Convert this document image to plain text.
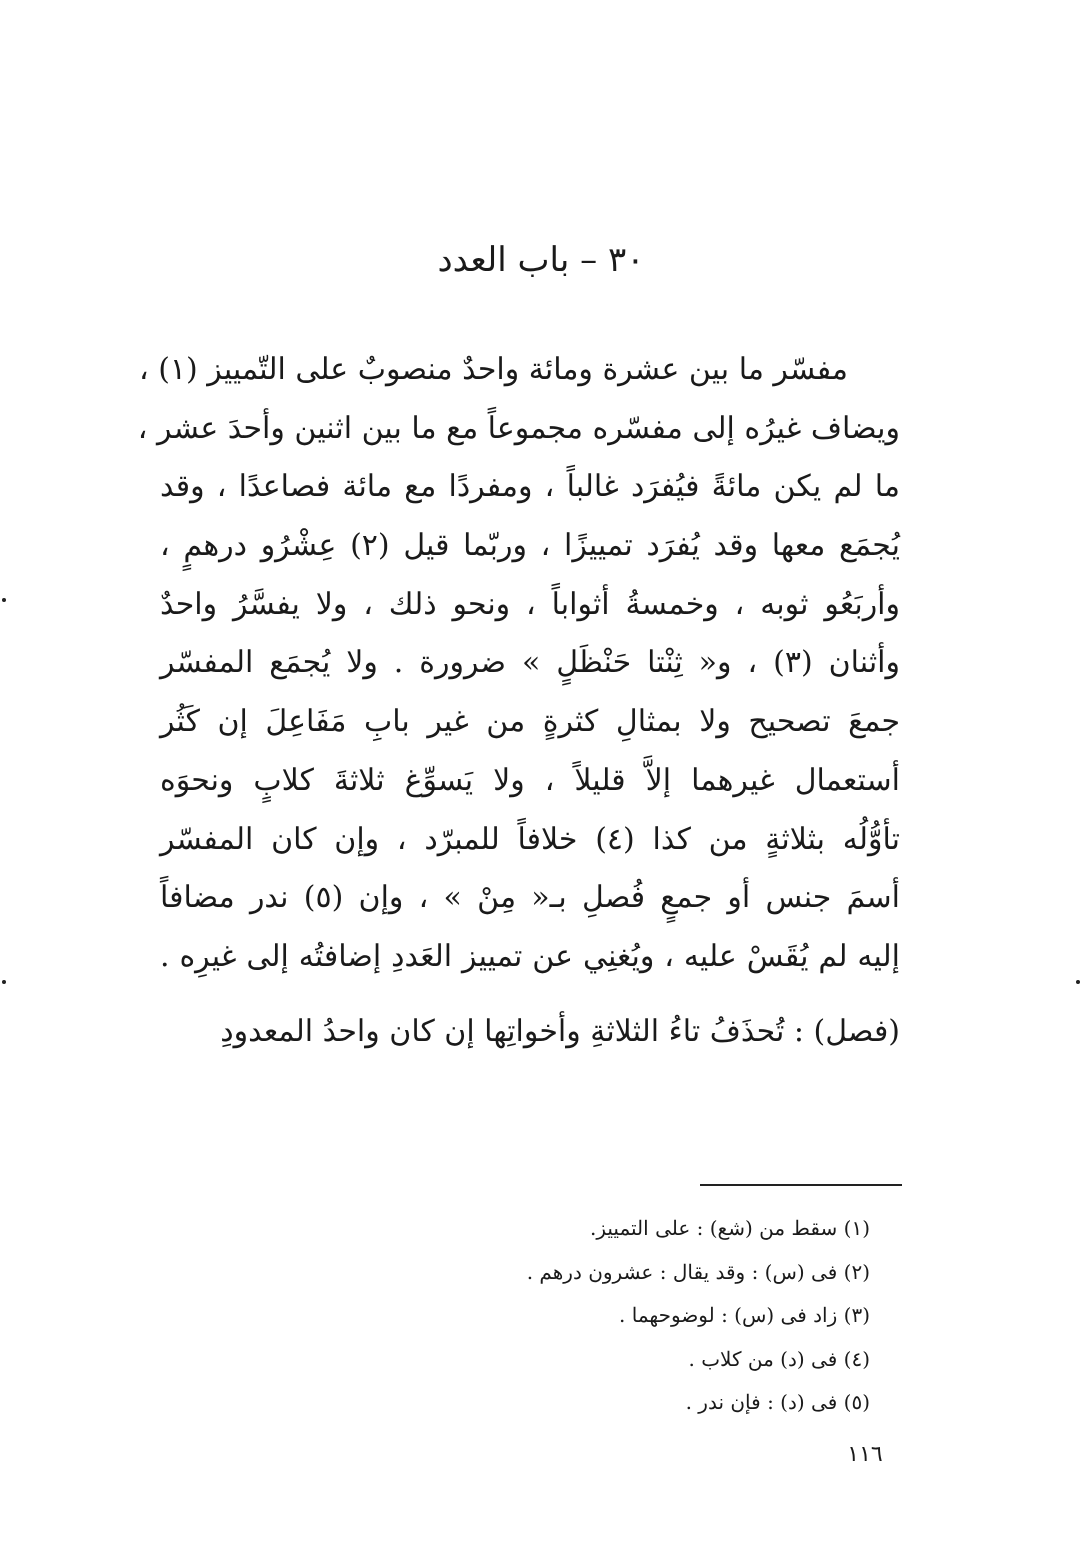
٣٠ – باب العدد
مفسّر ما بين عشرة ومائة واحدٌ منصوبٌ على التّمييز (١) ،
ويضاف غيرُه إلى مفسّره مجموعاً مع ما بين اثنين وأحدَ عشر ،
ما لم يكن مائةً فيُفرَد غالباً ، ومفردًا مع مائة فصاعدًا ، وقد
يُجمَع معها وقد يُفرَد تمييزًا ، وربّما قيل (٢) عِشْرُو درهمٍ ،
وأربَعُو ثوبه ، وخمسةُ أثواباً ، ونحو ذلك ، ولا يفسَّرُ واحدٌ
وأثنان (٣) ، و« ثِنْتا حَنْظَلٍ » ضرورة . ولا يُجمَع المفسّر
جمعَ تصحيح ولا بمثالِ كثرةٍ من غير بابِ مَفَاعِلَ إن كَثُر
أستعمال غيرهما إلاَّ قليلاً ، ولا يَسوِّغ ثلاثةَ كلابٍ ونحوَه
تأوُّلُه بثلاثةٍ من كذا (٤) خلافاً للمبرّد ، وإن كان المفسّر
أسمَ جنس أو جمعٍ فُصلِ بـ« مِنْ » ، وإن (٥) ندر مضافاً
إليه لم يُقَسْ عليه ، ويُغنِي عن تمييز العَددِ إضافتُه إلى غيرِه .
(فصل) : تُحذَفُ تاءُ الثلاثةِ وأخواتِها إن كان واحدُ المعدودِ
(١) سقط من (شع) : على التمييز.
(٢) فى (س) : وقد يقال : عشرون درهم .
(٣) زاد فى (س) : لوضوحهما .
(٤) فى (د) من كلاب .
(٥) فى (د) : فإن ندر .
١١٦
